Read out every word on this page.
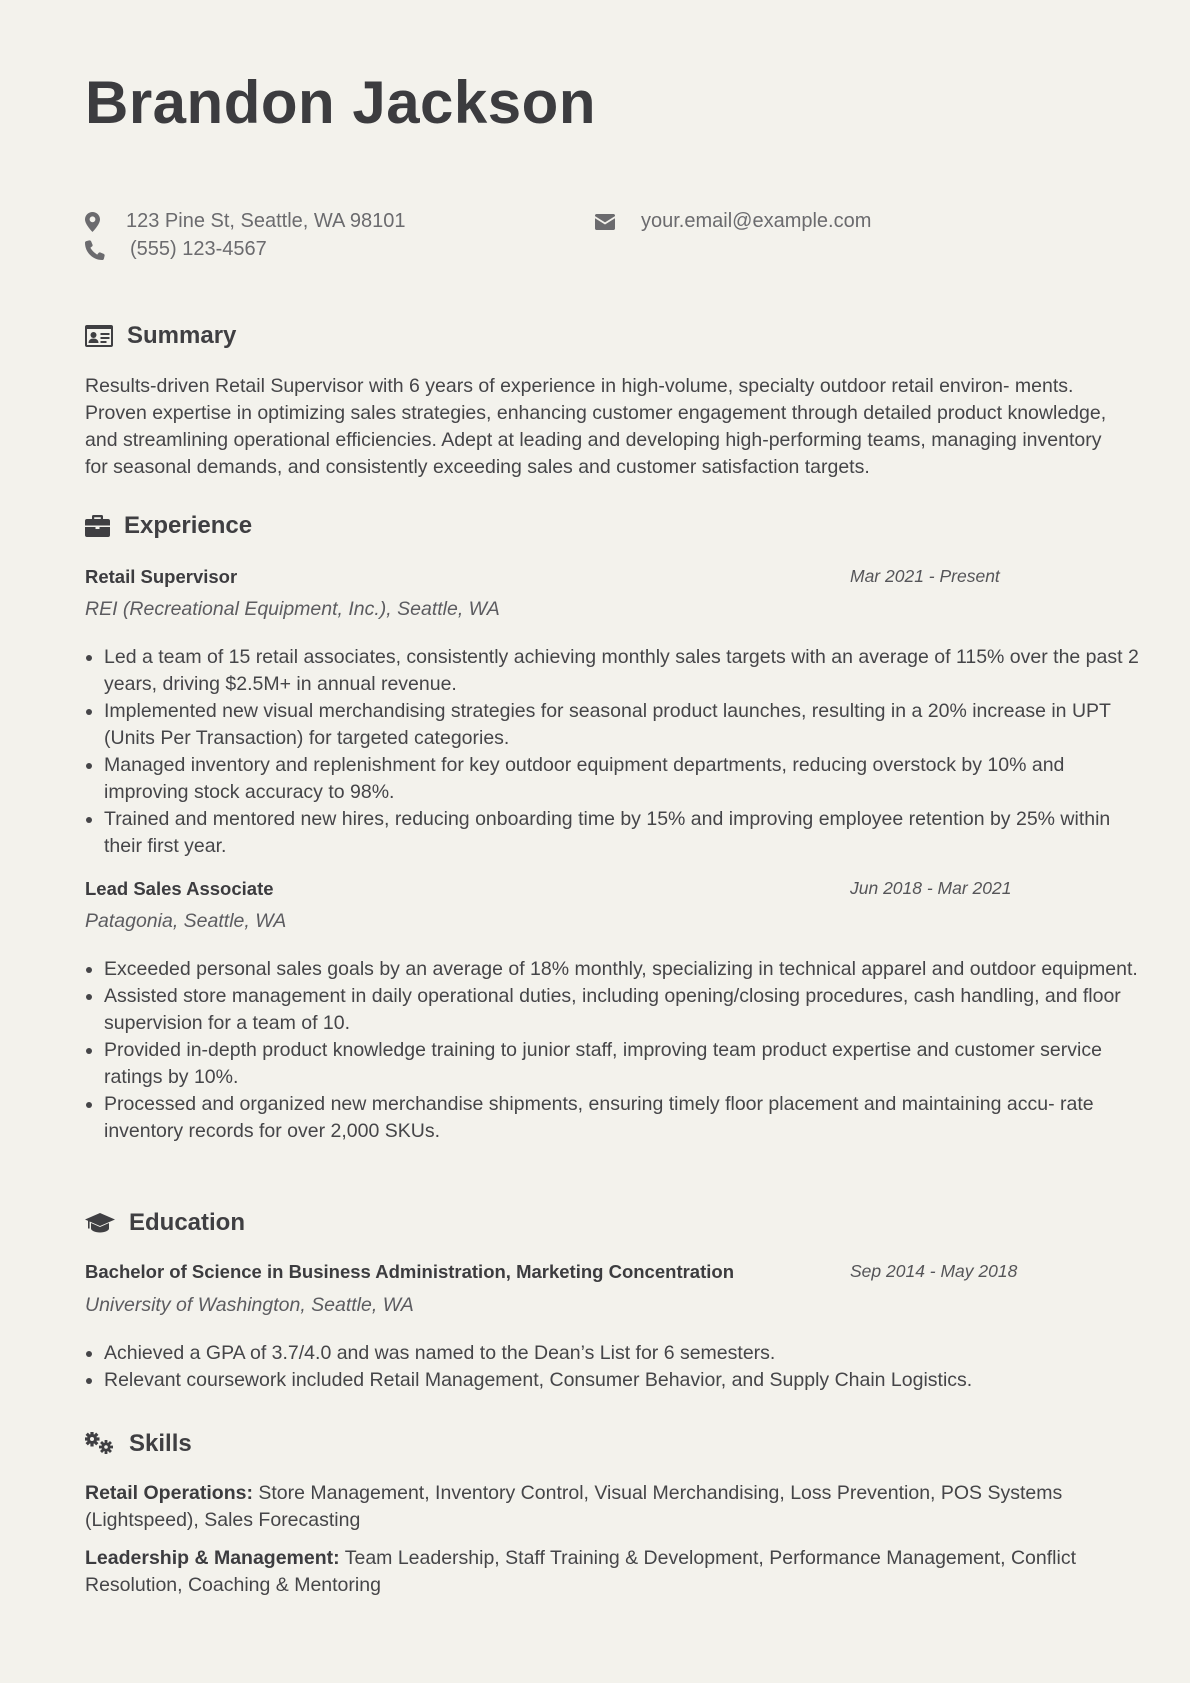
Brandon Jackson
123 Pine St, Seattle, WA 98101
(555) 123-4567
your.email@example.com
Summary

Results-driven Retail Supervisor with 6 years of experience in high-volume, specialty outdoor retail environ- ments. Proven expertise in optimizing sales strategies, enhancing customer engagement through detailed product knowledge, and streamlining operational efficiencies. Adept at leading and developing high-performing teams, managing inventory for seasonal demands, and consistently exceeding sales and customer satisfaction targets.

Experience
Retail Supervisor	Mar 2021 - Present
REI (Recreational Equipment, Inc.), Seattle, WA
• Led a team of 15 retail associates, consistently achieving monthly sales targets with an average of 115% over the past 2 years, driving $2.5M+ in annual revenue.
• Implemented new visual merchandising strategies for seasonal product launches, resulting in a 20% increase in UPT (Units Per Transaction) for targeted categories.
• Managed inventory and replenishment for key outdoor equipment departments, reducing overstock by 10% and improving stock accuracy to 98%.
• Trained and mentored new hires, reducing onboarding time by 15% and improving employee retention by 25% within their first year.
Lead Sales Associate	Jun 2018 - Mar 2021
Patagonia, Seattle, WA
• Exceeded personal sales goals by an average of 18% monthly, specializing in technical apparel and outdoor equipment.
• Assisted store management in daily operational duties, including opening/closing procedures, cash handling, and floor supervision for a team of 10.
• Provided in-depth product knowledge training to junior staff, improving team product expertise and customer service ratings by 10%.
• Processed and organized new merchandise shipments, ensuring timely floor placement and maintaining accu- rate inventory records for over 2,000 SKUs.
Education
Bachelor of Science in Business Administration, Marketing Concentration	Sep 2014 - May 2018
University of Washington, Seattle, WA
• Achieved a GPA of 3.7/4.0 and was named to the Dean’s List for 6 semesters.
• Relevant coursework included Retail Management, Consumer Behavior, and Supply Chain Logistics.
Skills

Retail Operations: Store Management, Inventory Control, Visual Merchandising, Loss Prevention, POS Systems (Lightspeed), Sales Forecasting

Leadership & Management: Team Leadership, Staff Training & Development, Performance Management, Conflict Resolution, Coaching & Mentoring
